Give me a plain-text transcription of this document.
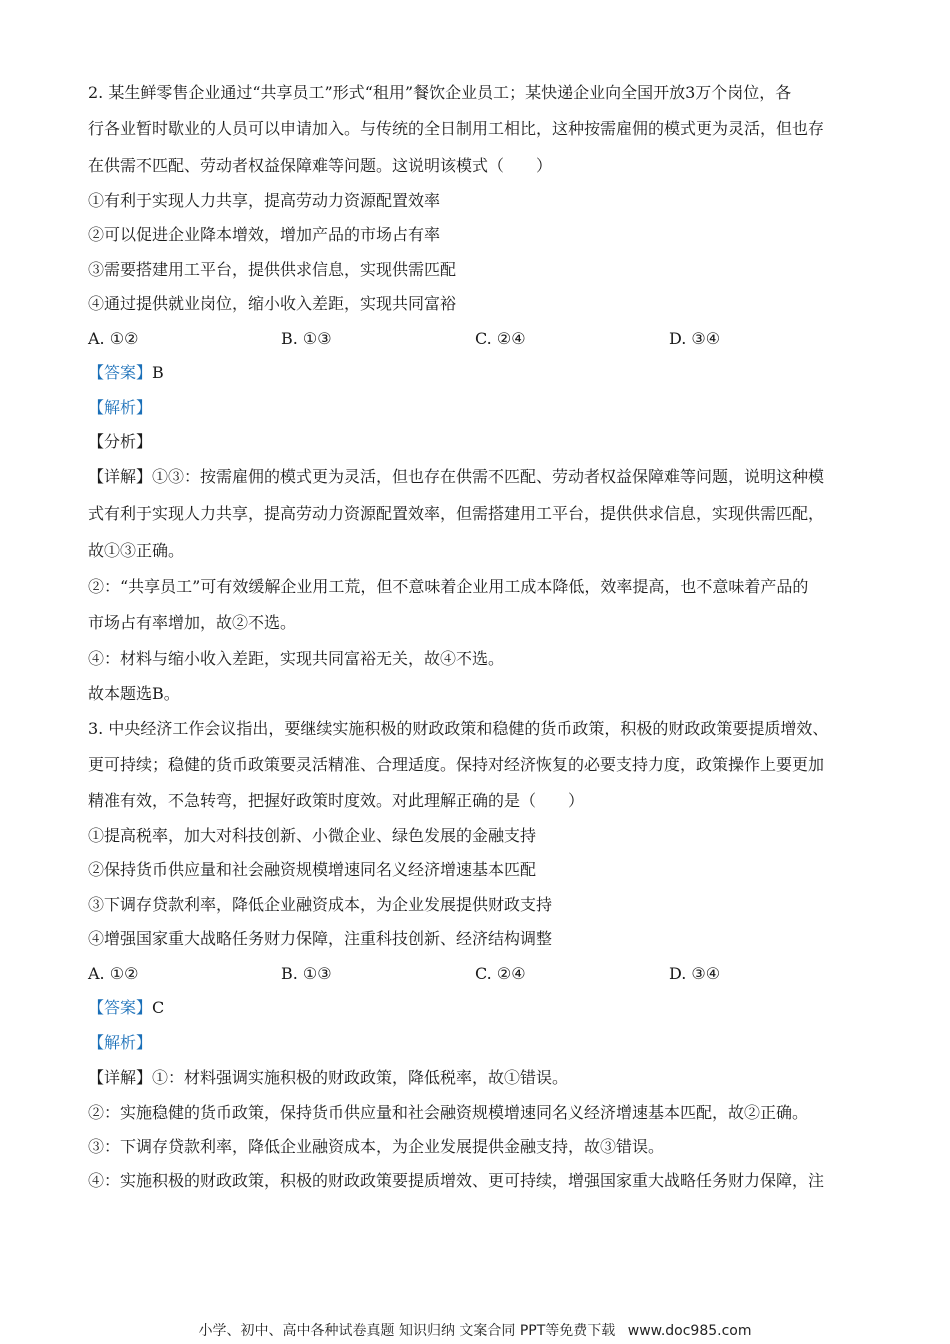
2. 某生鲜零售企业通过“共享员工”形式“租用”餐饮企业员工；某快递企业向全国开放3万个岗位，各
行各业暂时歇业的人员可以申请加入。与传统的全日制用工相比，这种按需雇佣的模式更为灵活，但也存
在供需不匹配、劳动者权益保障难等问题。这说明该模式（　　）
①有利于实现人力共享，提高劳动力资源配置效率
②可以促进企业降本增效，增加产品的市场占有率
③需要搭建用工平台，提供供求信息，实现供需匹配
④通过提供就业岗位，缩小收入差距，实现共同富裕
A. ①②	B. ①③	C. ②④	D. ③④
【答案】B
【解析】
【分析】
【详解】①③：按需雇佣的模式更为灵活，但也存在供需不匹配、劳动者权益保障难等问题，说明这种模
式有利于实现人力共享，提高劳动力资源配置效率，但需搭建用工平台，提供供求信息，实现供需匹配，
故①③正确。
②：“共享员工”可有效缓解企业用工荒，但不意味着企业用工成本降低，效率提高，也不意味着产品的
市场占有率增加，故②不选。
④：材料与缩小收入差距，实现共同富裕无关，故④不选。
故本题选B。
3. 中央经济工作会议指出，要继续实施积极的财政政策和稳健的货币政策，积极的财政政策要提质增效、
更可持续；稳健的货币政策要灵活精准、合理适度。保持对经济恢复的必要支持力度，政策操作上要更加
精准有效，不急转弯，把握好政策时度效。对此理解正确的是（　　）
①提高税率，加大对科技创新、小微企业、绿色发展的金融支持
②保持货币供应量和社会融资规模增速同名义经济增速基本匹配
③下调存贷款利率，降低企业融资成本，为企业发展提供财政支持
④增强国家重大战略任务财力保障，注重科技创新、经济结构调整
A. ①②	B. ①③	C. ②④	D. ③④
【答案】C
【解析】
【详解】①：材料强调实施积极的财政政策，降低税率，故①错误。
②：实施稳健的货币政策，保持货币供应量和社会融资规模增速同名义经济增速基本匹配，故②正确。
③：下调存贷款利率，降低企业融资成本，为企业发展提供金融支持，故③错误。
④：实施积极的财政政策，积极的财政政策要提质增效、更可持续，增强国家重大战略任务财力保障，注
小学、初中、高中各种试卷真题 知识归纳 文案合同 PPT等免费下载 www.doc985.com
